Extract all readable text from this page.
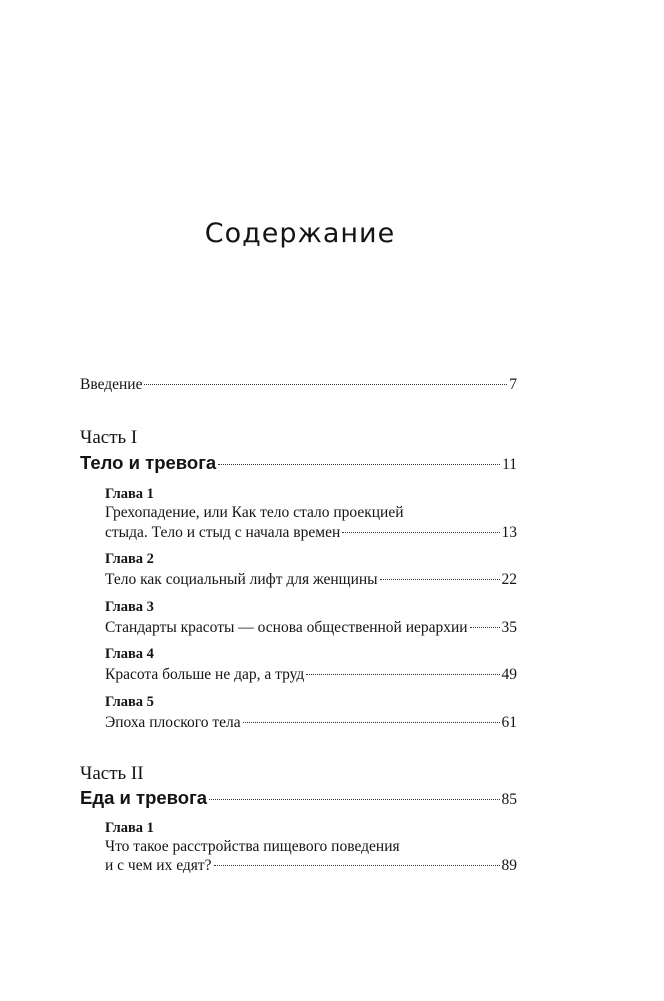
Содержание
Введение	7
Часть I
Тело и тревога	11
Глава 1
Грехопадение, или Как тело стало проекцией
стыда. Тело и стыд с начала времен	13
Глава 2
Тело как социальный лифт для женщины	22
Глава 3
Стандарты красоты — основа общественной иерархии 35
Глава 4
Красота больше не дар, а труд	49
Глава 5
Эпоха плоского тела	61
Часть II
Еда и тревога	85
Глава 1
Что такое расстройства пищевого поведения
и с чем их едят?	89
